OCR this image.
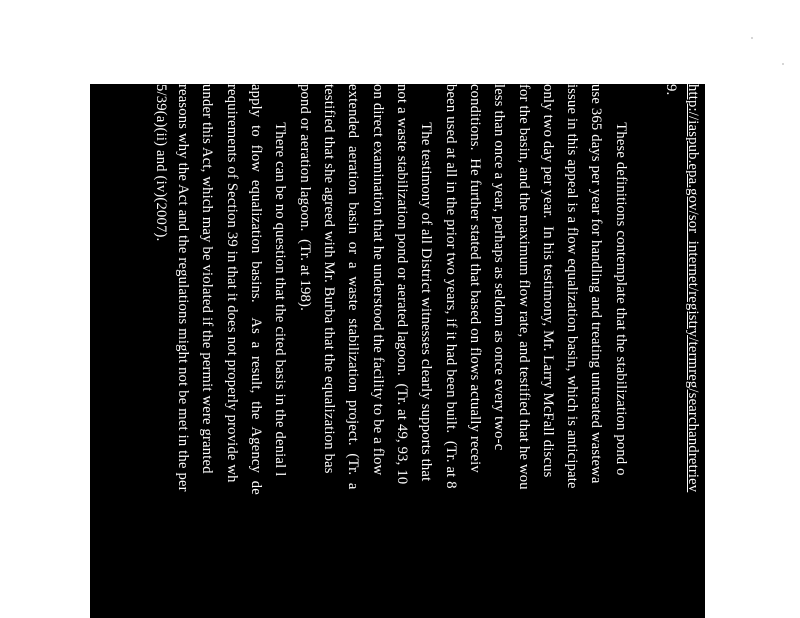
http://iaspub.epa.gov/sor_internet/registry/termreg/searchandretriev
9.
These definitions contemplate that the stabilization pond o
use 365 days per year for handling and treating untreated wastewa
issue in this appeal is a flow equalization basin, which is anticipate
only two day per year.  In his testimony, Mr. Larry McFall discus
for the basin, and the maximum flow rate, and testified that he wou
less than once a year, perhaps as seldom as once every two-c
conditions.  He further stated that based on flows actually receiv
been used at all in the prior two years, if it had been built.  (Tr. at 8
The testimony of all District witnesses clearly supports that
not a waste stabilization pond or aerated lagoon.  (Tr. at 49, 93, 10
on direct examination that he understood the facility to be a flow
extended  aeration  basin  or  a  waste  stabilization  project.  (Tr.  a
testified that she agreed with Mr. Burba that the equalization bas
pond or aeration lagoon.  (Tr. at 198).
There can be no question that the cited basis in the denial l
apply  to  flow  equalization  basins.    As  a  result,  the  Agency  de
requirements of Section 39 in that it does not properly provide wh
under this Act, which may be violated if the permit were granted
reasons why the Act and the regulations might not be met in the per
5/39(a)(ii) and (iv)(2007).
